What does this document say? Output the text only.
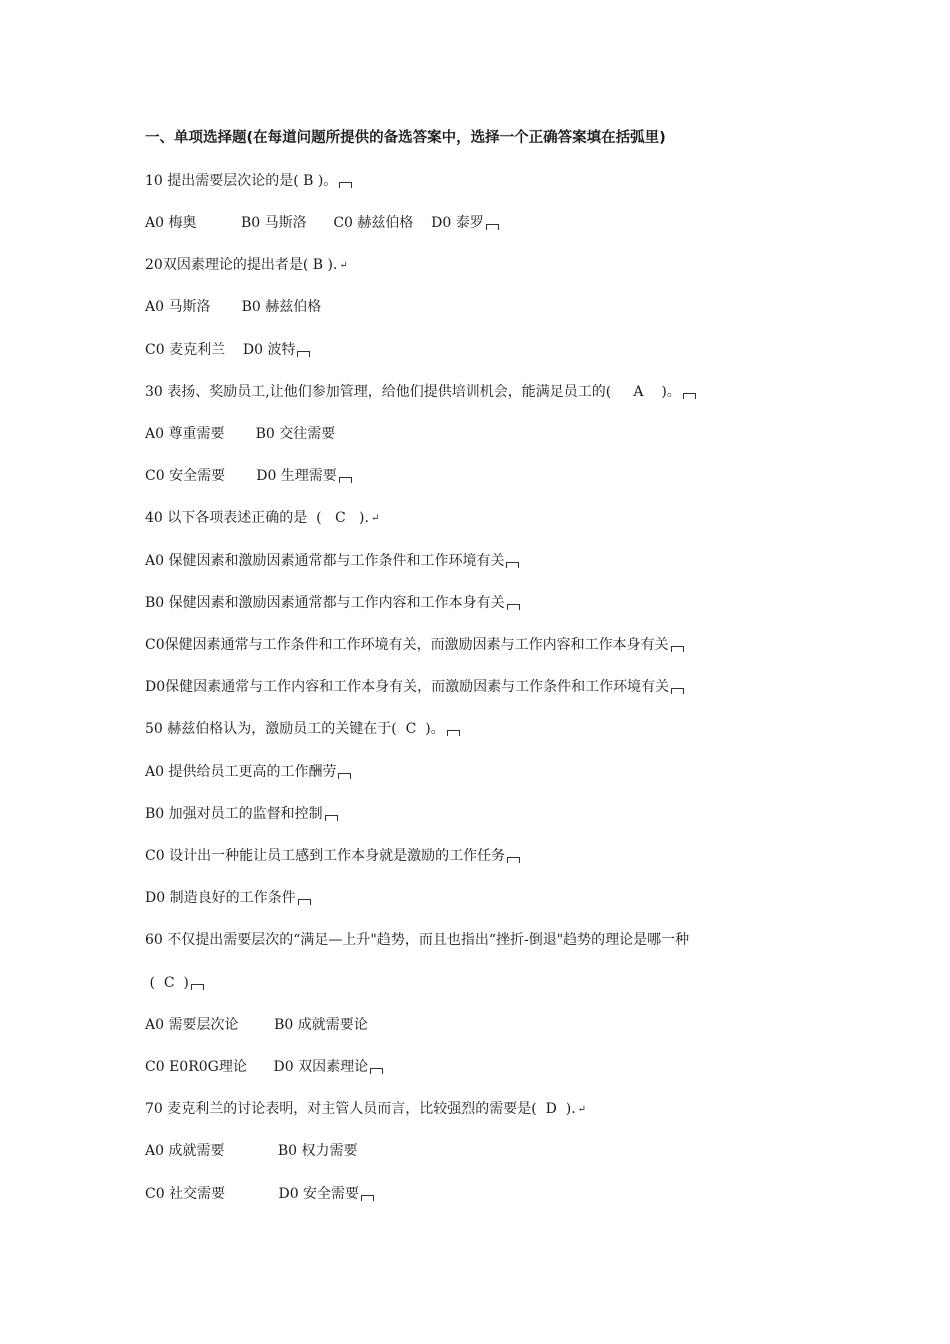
一、单项选择题(在每道问题所提供的备选答案中，选择一个正确答案填在括弧里)
10 提出需要层次论的是( B )。
A0 梅奥          B0 马斯洛      C0 赫兹伯格    D0 泰罗
20双因素理论的提出者是( B ). ↵
A0 马斯洛       B0 赫兹伯格
C0 麦克利兰    D0 波特
30 表扬、奖励员工,让他们参加管理，给他们提供培训机会，能满足员工的(     A    )。
A0 尊重需要       B0 交往需要
C0 安全需要       D0 生理需要
40 以下各项表述正确的是  (   C   ). ↵
A0 保健因素和激励因素通常都与工作条件和工作环境有关
B0 保健因素和激励因素通常都与工作内容和工作本身有关
C0保健因素通常与工作条件和工作环境有关，而激励因素与工作内容和工作本身有关
D0保健因素通常与工作内容和工作本身有关，而激励因素与工作条件和工作环境有关
50 赫兹伯格认为，激励员工的关键在于(  C  )。
A0 提供给员工更高的工作酬劳
B0 加强对员工的监督和控制
C0 设计出一种能让员工感到工作本身就是激励的工作任务
D0 制造良好的工作条件
60 不仅提出需要层次的“满足—上升"趋势，而且也指出“挫折-倒退"趋势的理论是哪一种
(  C  )
A0 需要层次论        B0 成就需要论
C0 E0R0G理论      D0 双因素理论
70 麦克利兰的讨论表明，对主管人员而言，比较强烈的需要是(  D  ). ↵
A0 成就需要            B0 权力需要
C0 社交需要            D0 安全需要
